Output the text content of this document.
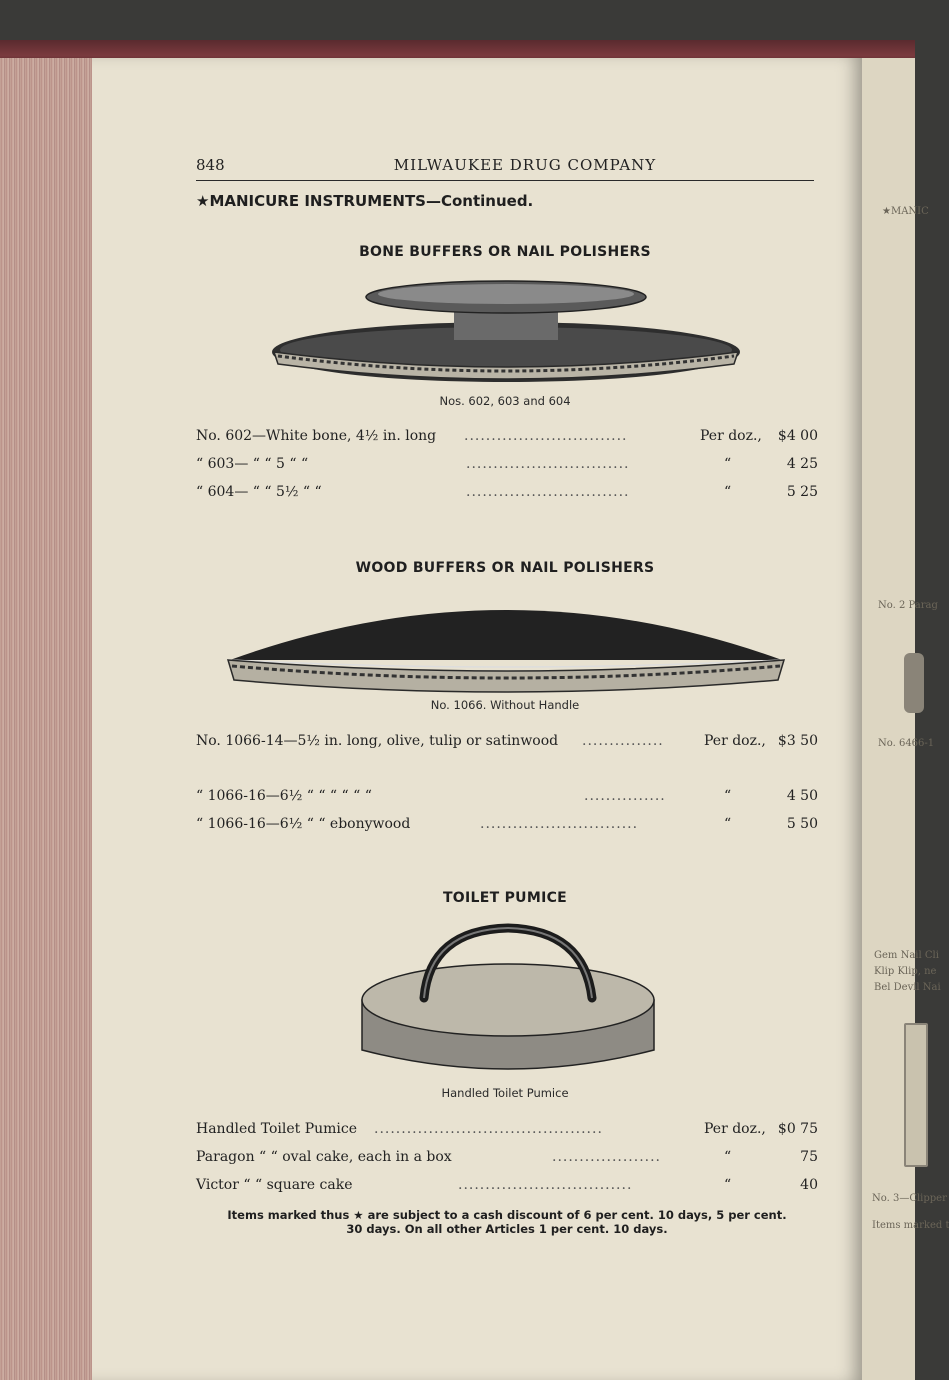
★MANIC
No. 2 Parag
No. 6466-1
Gem Nail Cli
Klip Klip, ne
Bel Devil Nai
No. 3—Clipper
Items marked t
848	MILWAUKEE DRUG COMPANY
★MANICURE INSTRUMENTS—Continued.
BONE BUFFERS OR NAIL POLISHERS
Nos. 602, 603 and 604
No. 602—White bone, 4½ in. long ..............................	Per doz., $4 00
“ 603— “ “ 5 “ “	..............................	“	4 25
“ 604— “ “ 5½ “ “	..............................	“	5 25
WOOD BUFFERS OR NAIL POLISHERS
No. 1066. Without Handle
No. 1066-14—5½ in. long, olive, tulip or satinwood ...............	Per doz., $3 50
“ 1066-16—6½ “ “ “ “ “ “	...............	“	4 50
“ 1066-16—6½ “ “ ebonywood	.............................	“	5 50
TOILET PUMICE
Handled Toilet Pumice
Handled Toilet Pumice ..........................................	Per doz., $0 75
Paragon “ “ oval cake, each in a box	....................	“	75
Victor “ “ square cake	................................	“	40
Items marked thus ★ are subject to a cash discount of 6 per cent. 10 days, 5 per cent.
30 days. On all other Articles 1 per cent. 10 days.
